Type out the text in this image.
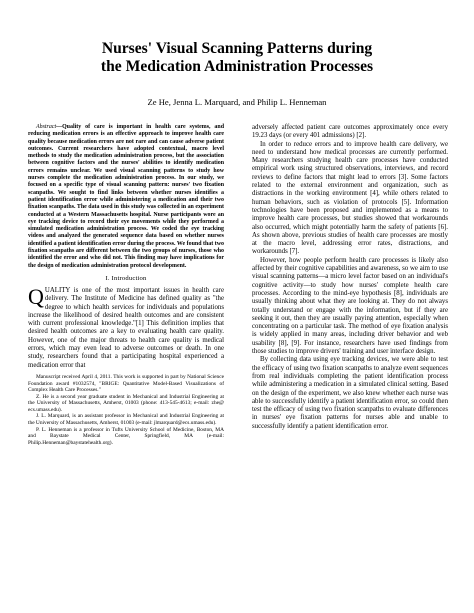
Nurses' Visual Scanning Patterns during
the Medication Administration Processes
Ze He, Jenna L. Marquard, and Philip L. Henneman

Abstract—Quality of care is important in health care systems, and reducing medication errors is an effective approach to improve health care quality because medication errors are not rare and can cause adverse patient outcomes. Current researchers have adopted contextual, macro level methods to study the medication administration process, but the association between cognitive factors and the nurses' abilities to identify medication errors remains unclear. We used visual scanning patterns to study how nurses complete the medication administration process. In our study, we focused on a specific type of visual scanning pattern: nurses' two fixation scanpaths. We sought to find links between whether nurses identifies a patient identification error while administering a medication and their two fixation scanpaths. The data used in this study was collected in an experiment conducted at a Western Massachusetts hospital. Nurse participants wore an eye tracking device to record their eye movements while they performed a simulated medication administration process. We coded the eye tracking videos and analyzed the generated sequence data based on whether nurses identified a patient identification error during the process. We found that two fixation scanpaths are different between the two groups of nurses, those who identified the error and who did not. This finding may have implications for the design of medication administration protocol development.

I. Introduction
Q UALITY is one of the most important issues in health care delivery. The Institute of Medicine has defined quality as "the degree to which health services for individuals and populations increase the likelihood of desired health outcomes and are consistent with current professional knowledge."[1] This definition implies that desired health outcomes are a key to evaluating health care quality. However, one of the major threats to health care quality is medical errors, which may even lead to adverse outcomes or death. In one study, researchers found that a participating hospital experienced a medication error that

Manuscript received April 4, 2011. This work is supported in part by National Science Foundation award #1032574, "BRIGE: Quantitative Model-Based Visualizations of Complex Health Care Processes."

Z. He is a second year graduate student in Mechanical and Industrial Engineering at the University of Massachusetts, Amherst, 01003 (phone: 413-545-4613; e-mail: zhe@ ecs.umass.edu).

J. L. Marquard, is an assistant professor in Mechanical and Industrial Engineering at the University of Massachusetts, Amherst, 01003 (e-mail: jlmarquard@ecs.umass.edu).

P. L. Henneman is a professor in Tufts University School of Medicine, Boston, MA and Baystate Medical Center, Springfield, MA (e-mail: Philip.Henneman@baystatehealth.org).

adversely affected patient care outcomes approximately once every 19.23 days (or every 401 admissions) [2].

In order to reduce errors and to improve health care delivery, we need to understand how medical processes are currently performed. Many researchers studying health care processes have conducted empirical work using structured observations, interviews, and record reviews to define factors that might lead to errors [3]. Some factors related to the external environment and organization, such as distractions in the working environment [4], while others related to human behaviors, such as violation of protocols [5]. Information technologies have been proposed and implemented as a means to improve health care processes, but studies showed that workarounds also occurred, which might potentially harm the safety of patients [6]. As shown above, previous studies of health care processes are mostly at the macro level, addressing error rates, distractions, and workarounds [7].

However, how people perform health care processes is likely also affected by their cognitive capabilities and awareness, so we aim to use visual scanning patterns—a micro level factor based on an individual's cognitive activity—to study how nurses' complete health care processes. According to the mind-eye hypothesis [8], individuals are usually thinking about what they are looking at. They do not always totally understand or engage with the information, but if they are seeking it out, then they are usually paying attention, especially when concentrating on a particular task. The method of eye fixation analysis is widely applied in many areas, including driver behavior and web usability [8], [9]. For instance, researchers have used findings from those studies to improve drivers' training and user interface design.

By collecting data using eye tracking devices, we were able to test the efficacy of using two fixation scanpaths to analyze event sequences from real individuals completing the patient identification process while administering a medication in a simulated clinical setting. Based on the design of the experiment, we also knew whether each nurse was able to successfully identify a patient identification error, so could then test the efficacy of using two fixation scanpaths to evaluate differences in nurses' eye fixation patterns for nurses able and unable to successfully identify a patient identification error.
